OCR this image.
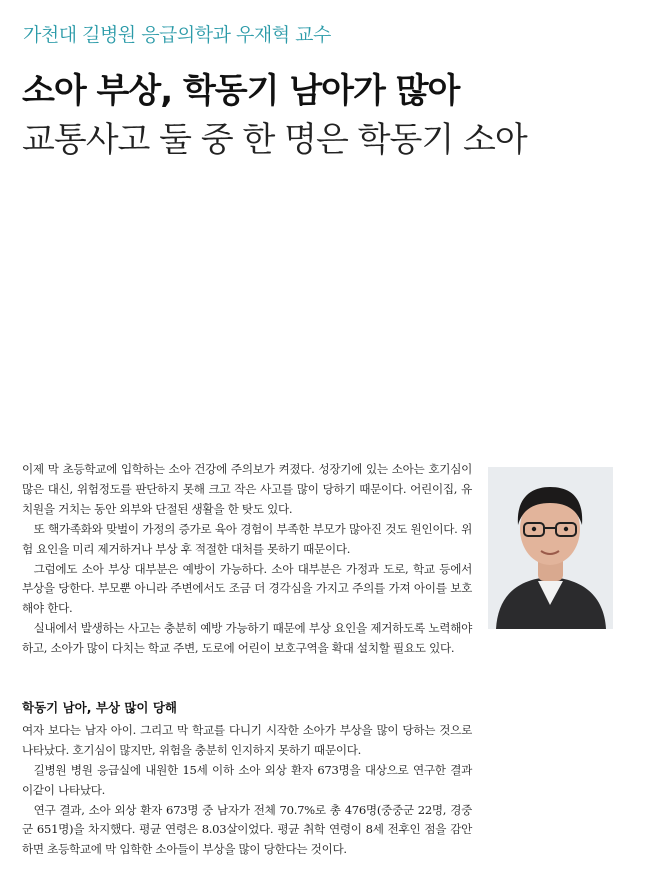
가천대 길병원 응급의학과 우재혁 교수
소아 부상, 학동기 남아가 많아
교통사고 둘 중 한 명은 학동기 소아

이제 막 초등학교에 입학하는 소아 건강에 주의보가 켜졌다. 성장기에 있는 소아는 호기심이 많은 대신, 위험정도를 판단하지 못해 크고 작은 사고를 많이 당하기 때문이다. 어린이집, 유치원을 거치는 동안 외부와 단절된 생활을 한 탓도 있다.

또 핵가족화와 맞벌이 가정의 증가로 육아 경험이 부족한 부모가 많아진 것도 원인이다. 위험 요인을 미리 제거하거나 부상 후 적절한 대처를 못하기 때문이다.

그럼에도 소아 부상 대부분은 예방이 가능하다. 소아 대부분은 가정과 도로, 학교 등에서 부상을 당한다. 부모뿐 아니라 주변에서도 조금 더 경각심을 가지고 주의를 가져 아이를 보호해야 한다.

실내에서 발생하는 사고는 충분히 예방 가능하기 때문에 부상 요인을 제거하도록 노력해야 하고, 소아가 많이 다치는 학교 주변, 도로에 어린이 보호구역을 확대 설치할 필요도 있다.

학동기 남아, 부상 많이 당해

여자 보다는 남자 아이. 그리고 막 학교를 다니기 시작한 소아가 부상을 많이 당하는 것으로 나타났다. 호기심이 많지만, 위험을 충분히 인지하지 못하기 때문이다.

길병원 병원 응급실에 내원한 15세 이하 소아 외상 환자 673명을 대상으로 연구한 결과 이같이 나타났다.

연구 결과, 소아 외상 환자 673명 중 남자가 전체 70.7%로 총 476명(중중군 22명, 경중군 651명)을 차지했다. 평균 연령은 8.03살이었다. 평균 취학 연령이 8세 전후인 점을 감안하면 초등학교에 막 입학한 소아들이 부상을 많이 당한다는 것이다.
